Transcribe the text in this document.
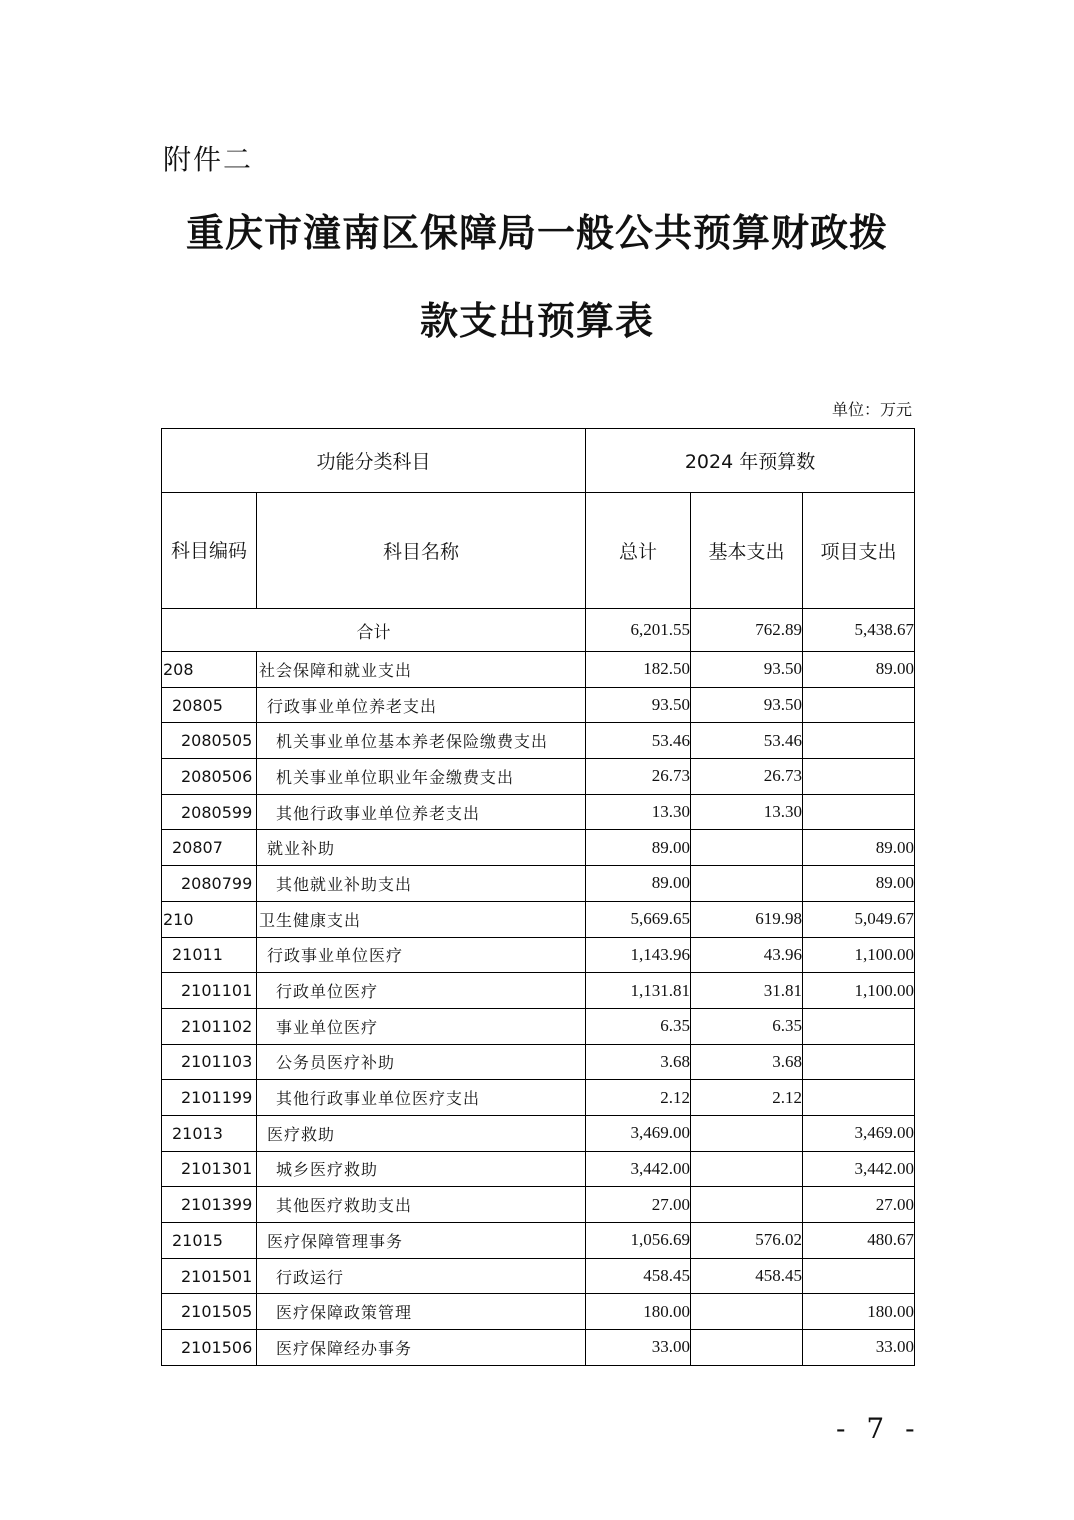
附件二
重庆市潼南区保障局一般公共预算财政拨
款支出预算表
单位：万元
功能分类科目		2024 年预算数		
科目编码	科目名称	总计	基本支出	项目支出
合计		6,201.55	762.89	5,438.67
208	社会保障和就业支出	182.50	93.50	89.00
20805	行政事业单位养老支出	93.50	93.50	
2080505	机关事业单位基本养老保险缴费支出	53.46	53.46	
2080506	机关事业单位职业年金缴费支出	26.73	26.73	
2080599	其他行政事业单位养老支出	13.30	13.30	
20807	就业补助	89.00		89.00
2080799	其他就业补助支出	89.00		89.00
210	卫生健康支出	5,669.65	619.98	5,049.67
21011	行政事业单位医疗	1,143.96	43.96	1,100.00
2101101	行政单位医疗	1,131.81	31.81	1,100.00
2101102	事业单位医疗	6.35	6.35	
2101103	公务员医疗补助	3.68	3.68	
2101199	其他行政事业单位医疗支出	2.12	2.12	
21013	医疗救助	3,469.00		3,469.00
2101301	城乡医疗救助	3,442.00		3,442.00
2101399	其他医疗救助支出	27.00		27.00
21015	医疗保障管理事务	1,056.69	576.02	480.67
2101501	行政运行	458.45	458.45	
2101505	医疗保障政策管理	180.00		180.00
2101506	医疗保障经办事务	33.00		33.00
- 7 -
